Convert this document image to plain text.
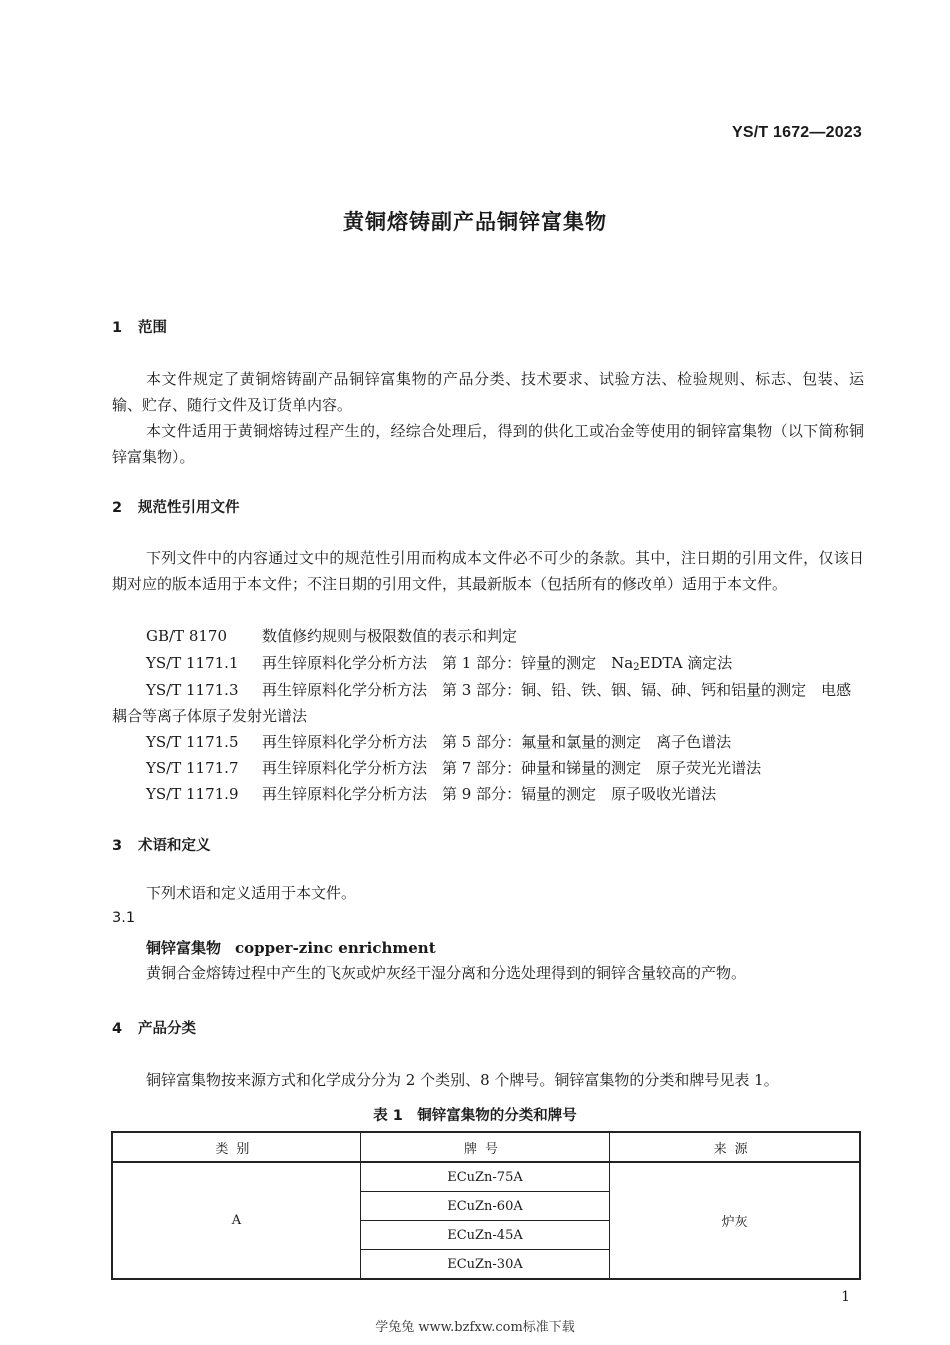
YS/T 1672—2023
黄铜熔铸副产品铜锌富集物
1 范围
本文件规定了黄铜熔铸副产品铜锌富集物的产品分类、技术要求、试验方法、检验规则、标志、包装、运输、贮存、随行文件及订货单内容。
本文件适用于黄铜熔铸过程产生的，经综合处理后，得到的供化工或冶金等使用的铜锌富集物（以下简称铜锌富集物）。
2 规范性引用文件
下列文件中的内容通过文中的规范性引用而构成本文件必不可少的条款。其中，注日期的引用文件，仅该日期对应的版本适用于本文件；不注日期的引用文件，其最新版本（包括所有的修改单）适用于本文件。
GB/T 8170 数值修约规则与极限数值的表示和判定
YS/T 1171.1 再生锌原料化学分析方法　第 1 部分：锌量的测定　$Na_2EDTA$ 滴定法
YS/T 1171.3 再生锌原料化学分析方法　第 3 部分：铜、铅、铁、铟、镉、砷、钙和铝量的测定　电感耦合等离子体原子发射光谱法
YS/T 1171.5 再生锌原料化学分析方法　第 5 部分：氟量和氯量的测定　离子色谱法
YS/T 1171.7 再生锌原料化学分析方法　第 7 部分：砷量和锑量的测定　原子荧光光谱法
YS/T 1171.9 再生锌原料化学分析方法　第 9 部分：镉量的测定　原子吸收光谱法
3 术语和定义
下列术语和定义适用于本文件。
3.1
铜锌富集物 copper-zinc enrichment
黄铜合金熔铸过程中产生的飞灰或炉灰经干湿分离和分选处理得到的铜锌含量较高的产物。
4 产品分类
铜锌富集物按来源方式和化学成分分为 2 个类别、8 个牌号。铜锌富集物的分类和牌号见表 1。
表 1　铜锌富集物的分类和牌号
类别	牌号	来源
A	ECuZn-75A	炉灰
	ECuZn-60A	
	ECuZn-45A	
	ECuZn-30A	
1
学兔兔 www.bzfxw.com标准下载
